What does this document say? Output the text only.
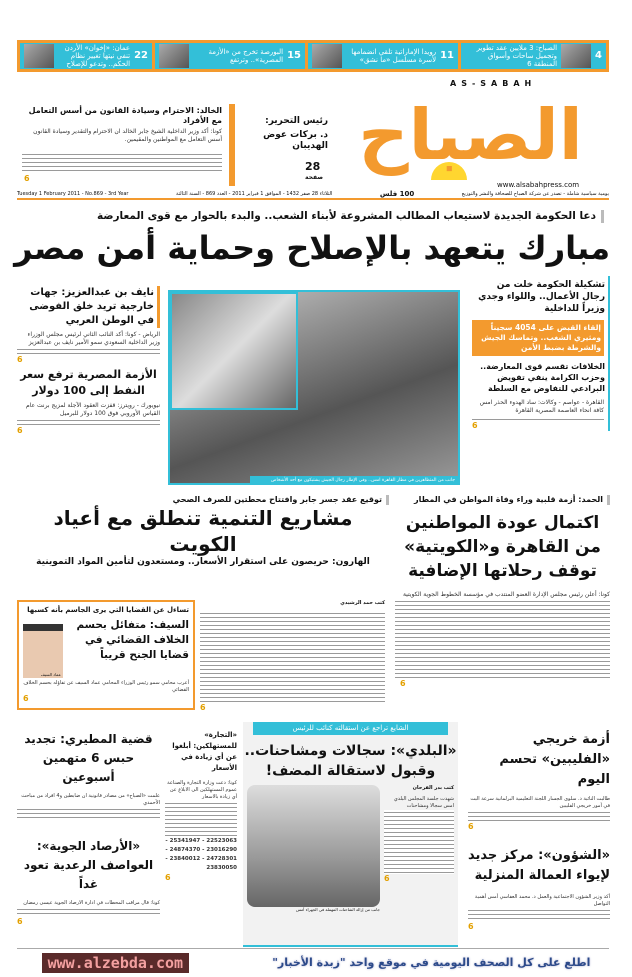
4
الصباح: 3 ملايين عقد تطوير وتجميل ساحات وأسواق المنطقة 6
11
رويدا الإماراتية تلقي انضمامها لأسرة مسلسل «ما نشق»
15
البورصة تخرج من «الأزمة المصرية».. وترتفع
22
عمان: «إخوان» الأردن تنفي نيتها تغيير نظام الحكم.. وتدعو للإصلاح
AS-SABAH
الصباح
www.alsabahpress.com
رئيس التحرير:
د. بركات عوض الهديبان
28
صفحة
الخالد: الاحترام وسيادة القانون من أسس التعامل مع الأفراد
كونا: أكد وزير الداخلية الشيخ جابر الخالد ان الاحترام والتقدير وسيادة القانون أسس التعامل مع المواطنين والمقيمين.
6
يومية سياسية شاملة - تصدر عن شركة الصباح للصحافة والنشر والتوزيع
100 فلس
الثلاثاء 28 صفر 1432 - الموافق 1 فبراير 2011 - العدد 869 - السنة الثالثة
Tuesday 1 February 2011 - No.869 - 3rd Year
دعا الحكومة الجديدة لاستيعاب المطالب المشروعة لأبناء الشعب.. والبدء بالحوار مع قوى المعارضة
مبارك يتعهد بالإصلاح وحماية أمن مصر
تشكيلة الحكومة خلت من رجال الأعمال.. واللواء وجدي وزيراً للداخلية
إلقاء القبض على 4054 سجيناً ومثيري الشغب.. وتماسك الجيش والشرطة بضبط الأمن
الخلافات تقسم قوى المعارضة.. وحزب الكرامة ينفي تفويض البرادعي للتفاوض مع السلطة
القاهرة - عواصم - وكالات: ساد الهدوء الحذر امس كافة انحاء العاصمة المصرية القاهرة
6
جانب من المتظاهرين في مطار القاهرة امس.. وفي الإطار رجال الجيش يشتبكون مع أحد الأشخاص
نايف بن عبدالعزيز: جهات خارجية تريد خلق الفوضى في الوطن العربي
الرياض - كونا: أكد النائب الثاني لرئيس مجلس الوزراء وزير الداخلية السعودي سمو الأمير نايف بن عبدالعزيز
6
الأزمة المصرية ترفع سعر النفط إلى 100 دولار
نيويورك - رويترز: قفزت العقود الآجلة لمزيج برنت عام القياس الأوروبي فوق 100 دولار للبرميل
6
الحمد: أزمة قلبية وراء وفاة المواطن في المطار
اكتمال عودة المواطنين من القاهرة و«الكويتية» توقف رحلاتها الإضافية
كونا: أعلن رئيس مجلس الإدارة العضو المنتدب في مؤسسة الخطوط الجوية الكويتية
6
توقيع عقد جسر جابر وافتتاح محطتين للصرف الصحي
مشاريع التنمية تنطلق مع أعياد الكويت
الهارون: حريصون على استقرار الأسعار.. ومستعدون لتأمين المواد التموينية
كتب حمد الرشيدي
6
تساءل عن القضايا التي يرى الجاسم بأنه كسبها
السيف: متفائل بحسم الخلاف القضائي في قضايا الجنح قريباً
عماد السيف
أعرب محامي سمو رئيس الوزراء المحامي عماد السيف عن تفاؤله بحسم الخلاف القضائي
6
أزمة خريجي «الفليبين» تحسم اليوم
طالبت النائبة د. سلوى الجسار اللجنة التعليمية البرلمانية سرعة البت في أمور خريجي الفليبين
6
«الشؤون»: مركز جديد لإيواء العمالة المنزلية
أكد وزير الشؤون الاجتماعية والعمل د. محمد العفاسي أمس أهمية التواصل
6
الشايع تراجع عن استقالته كنائب للرئيس
«البلدي»: سجالات ومشاحنات.. وقبول لاستقالة المضف!
كتب بدر الفرحان
شهدت جلسة المجلس البلدي امس سجالا ومشاحنات
6
جانب من إزالة الشاحنات المهملة في الجهراء أمس
«التجارة» للمستهلكين: أبلغوا عن أي زيادة في الأسعار
كونا: دعت وزارة التجارة والصناعة عموم المستهلكين الى الابلاغ عن أي زيادة بالاسعار
22523063 - 25341947 - 23016290 - 24874370 - 24728301 - 23840012 - 23830050
6
قضية المطيري: تجديد حبس 6 متهمين أسبوعين
علمت «الصباح» من مصادر قانونية ان ضابطين و4 افراد من مباحث الأحمدي
«الأرصاد الجوية»: العواصف الرعدية تعود غداً
كونا: قال مراقب المحطات في ادارة الارصاد الجوية عيسى رمضان
6
اطلع على كل الصحف اليومية في موقع واحد "زبدة الأخبار"
www.alzebda.com
